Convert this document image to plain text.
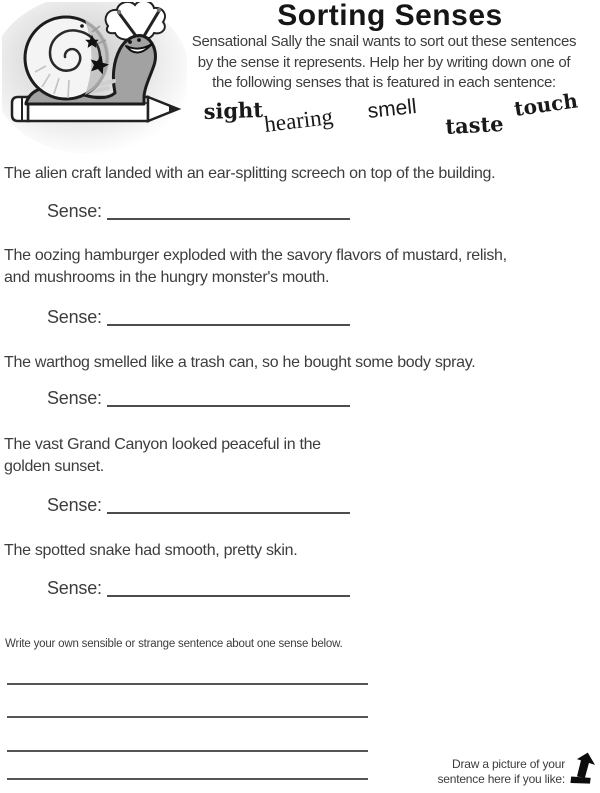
Sorting Senses
Sensational Sally the snail wants to sort out these sentences
by the sense it represents. Help her by writing down one of
the following senses that is featured in each sentence:
sight hearing smell
taste
touch
The alien craft landed with an ear-splitting screech on top of the building.
Sense:
The oozing hamburger exploded with the savory flavors of mustard, relish,
and mushrooms in the hungry monster's mouth.
Sense:
The warthog smelled like a trash can, so he bought some body spray.
Sense:
The vast Grand Canyon looked peaceful in the
golden sunset.
Sense:
The spotted snake had smooth, pretty skin.
Sense:
Write your own sensible or strange sentence about one sense below.
Draw a picture of your
sentence here if you like:
